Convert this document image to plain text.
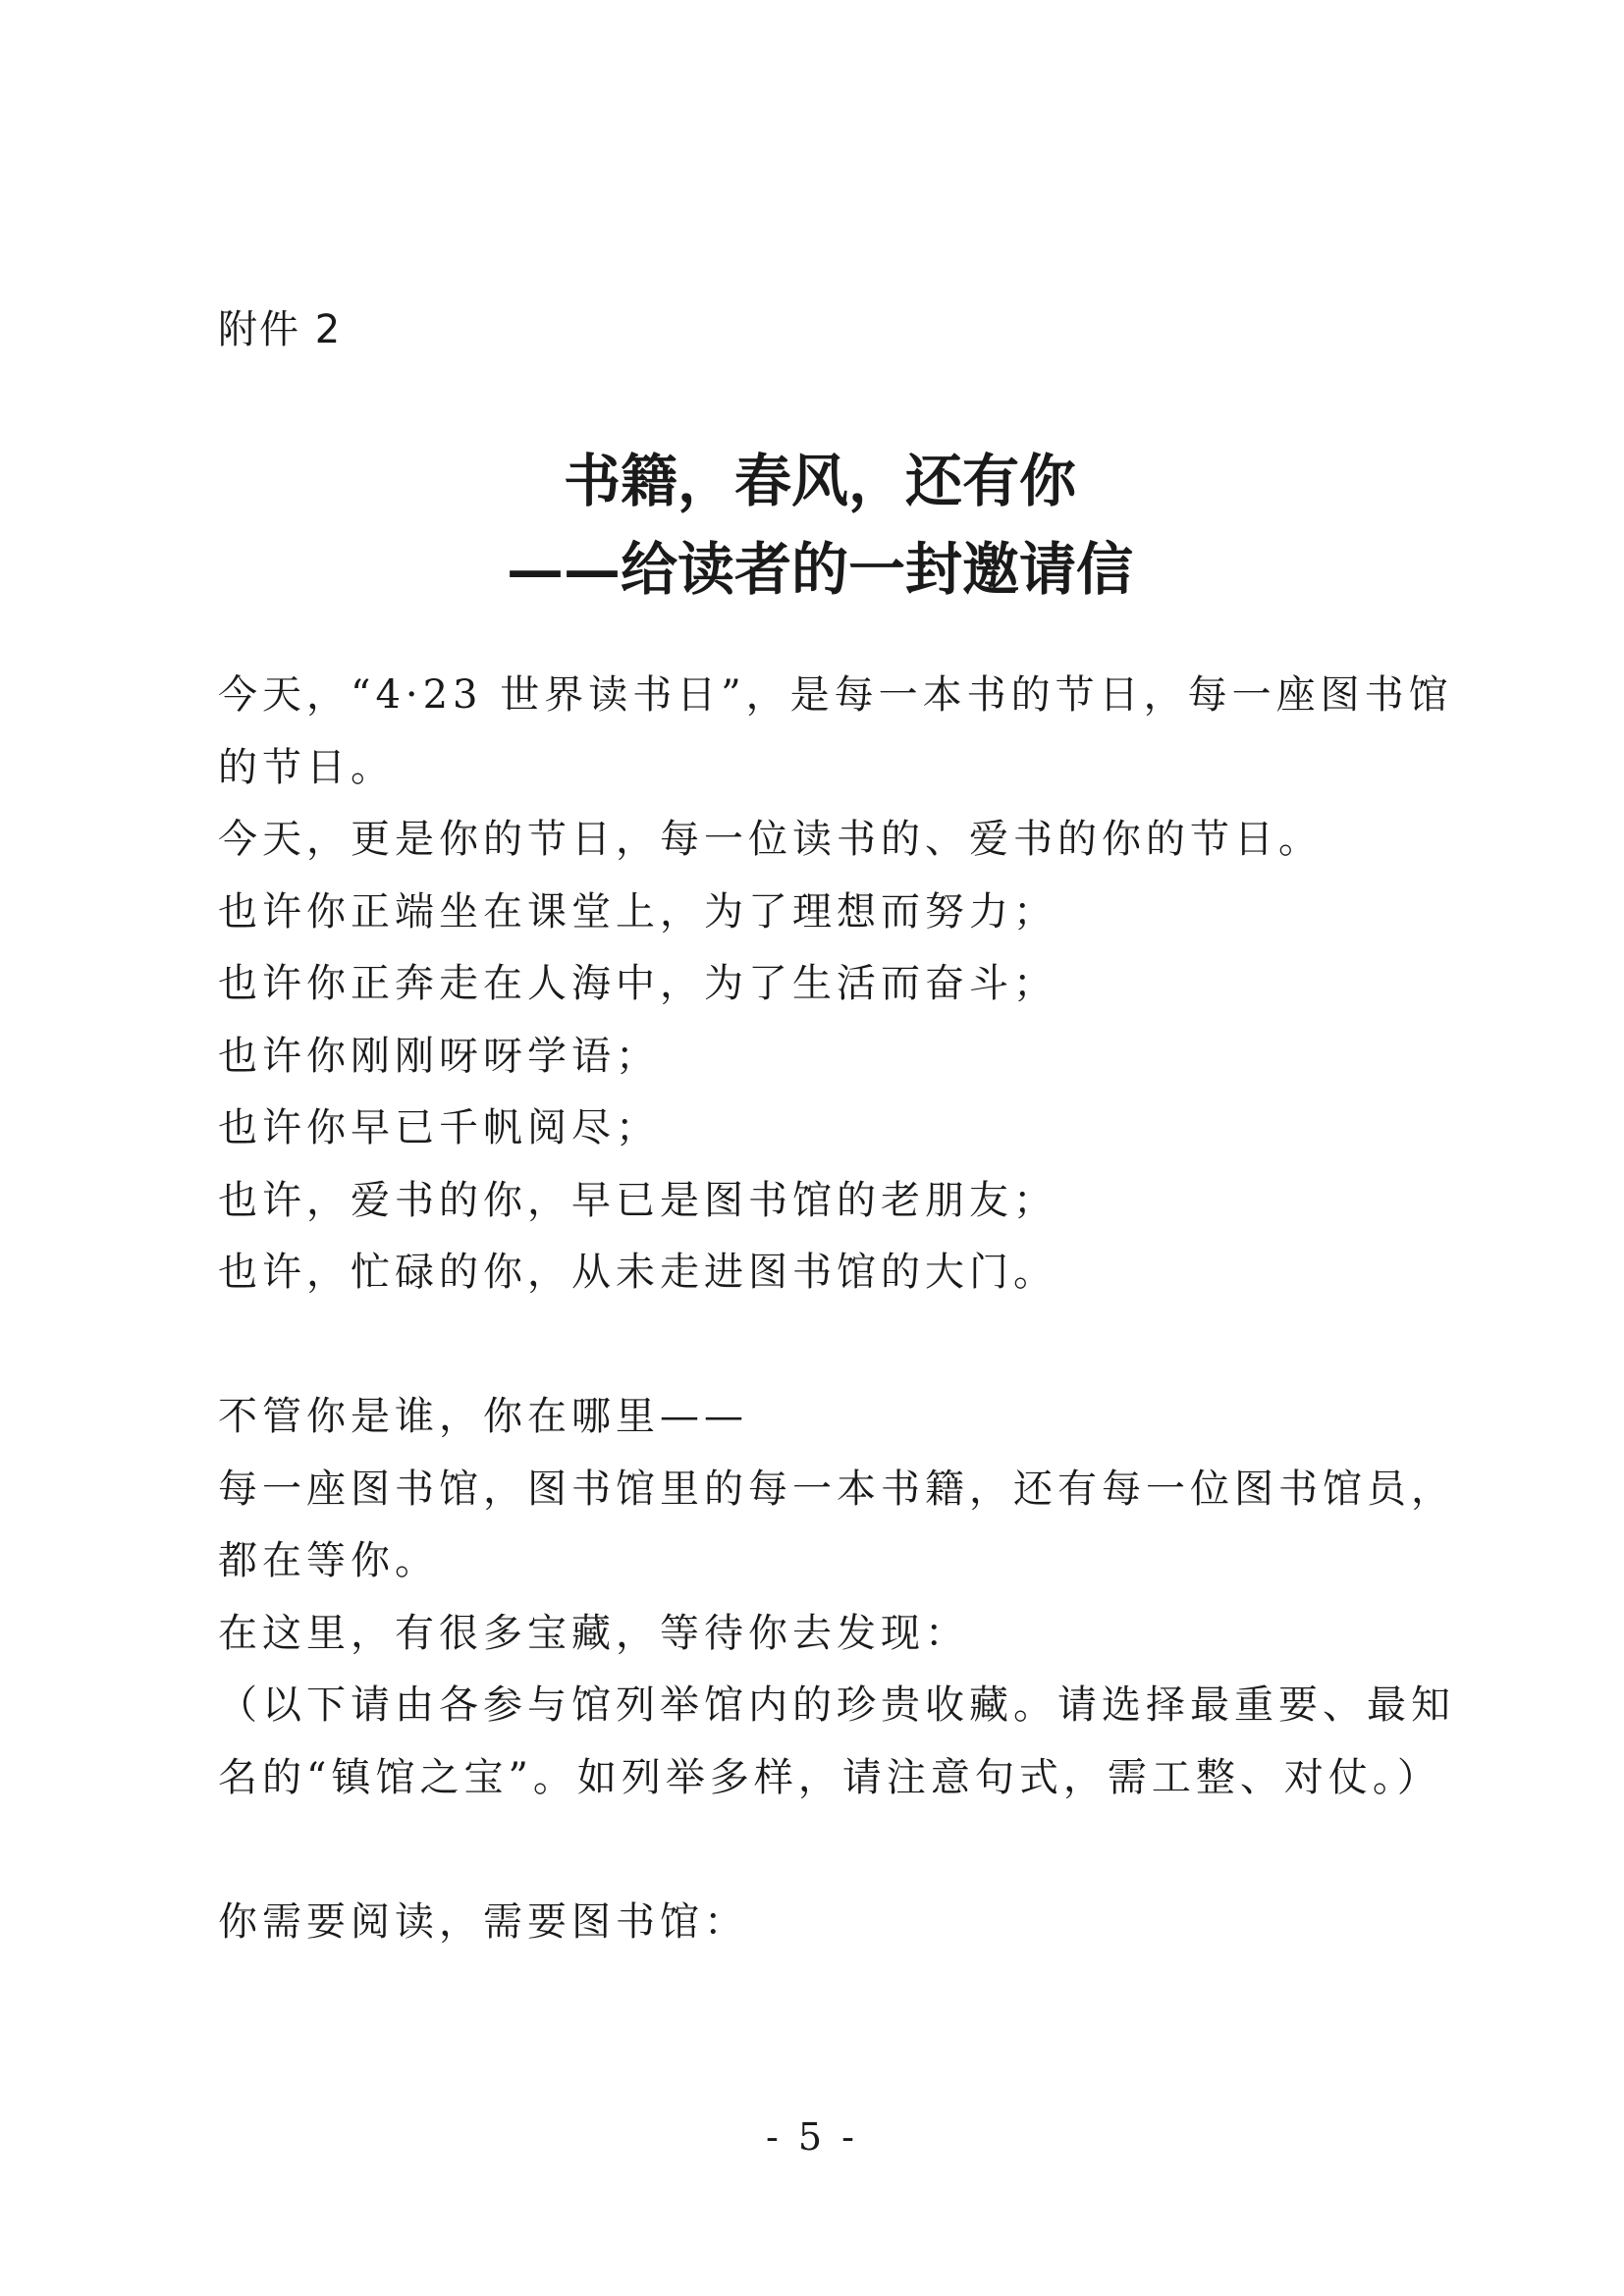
附件 2
书籍，春风，还有你
——给读者的一封邀请信
今天，“4·23 世界读书日”，是每一本书的节日，每一座图书馆
的节日。
今天，更是你的节日，每一位读书的、爱书的你的节日。
也许你正端坐在课堂上，为了理想而努力；
也许你正奔走在人海中，为了生活而奋斗；
也许你刚刚呀呀学语；
也许你早已千帆阅尽；
也许，爱书的你，早已是图书馆的老朋友；
也许，忙碌的你，从未走进图书馆的大门。
不管你是谁，你在哪里——
每一座图书馆，图书馆里的每一本书籍，还有每一位图书馆员，
都在等你。
在这里，有很多宝藏，等待你去发现：
（以下请由各参与馆列举馆内的珍贵收藏。请选择最重要、最知
名的“镇馆之宝”。如列举多样，请注意句式，需工整、对仗。）
你需要阅读，需要图书馆：
- 5 -
